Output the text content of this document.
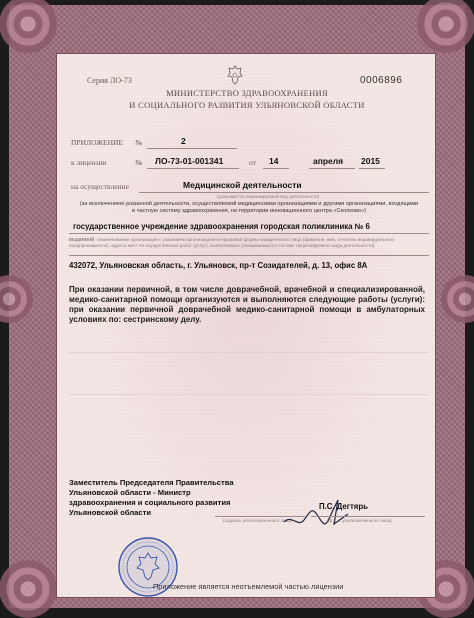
Серия ЛО-73	0006896
МИНИСТЕРСТВО ЗДРАВООХРАНЕНИЯ
И СОЦИАЛЬНОГО РАЗВИТИЯ УЛЬЯНОВСКОЙ ОБЛАСТИ
ПРИЛОЖЕНИЕ №	2
к лицензии	№ ЛО-73-01-001341	от 14	апреля 2015
на осуществление	Медицинской деятельности
(указывается лицензируемый вид деятельности)
(за исключением указанной деятельности, осуществляемой медицинскими организациями и другими организациями, входящими в частную систему здравоохранения, на территории инновационного центра «Сколково»)
государственное учреждение здравоохранения городская поликлиника № 6
выданной (наименование организации с указанием организационно-правовой формы юридического лица (фамилия, имя, отчество индивидуального предпринимателя), адреса мест ее осуществления работ (услуг), выполняемых (оказываемых) в составе лицензируемого вида деятельности)
432072, Ульяновская область, г. Ульяновск, пр-т Созидателей, д. 13, офис 8А
При оказании первичной, в том числе доврачебной, врачебной и специализированной, медико-санитарной помощи организуются и выполняются следующие работы (услуги): при оказании первичной доврачебной медико-санитарной помощи в амбулаторных условиях по: сестринскому делу.
Заместитель Председателя Правительства
Ульяновской области - Министр
здравоохранения и социального развития
Ульяновской области
(подпись уполномоченного лица)
П.С. Дегтярь
(ф.и.о. уполномоченного лица)
Приложение является неотъемлемой частью лицензии
